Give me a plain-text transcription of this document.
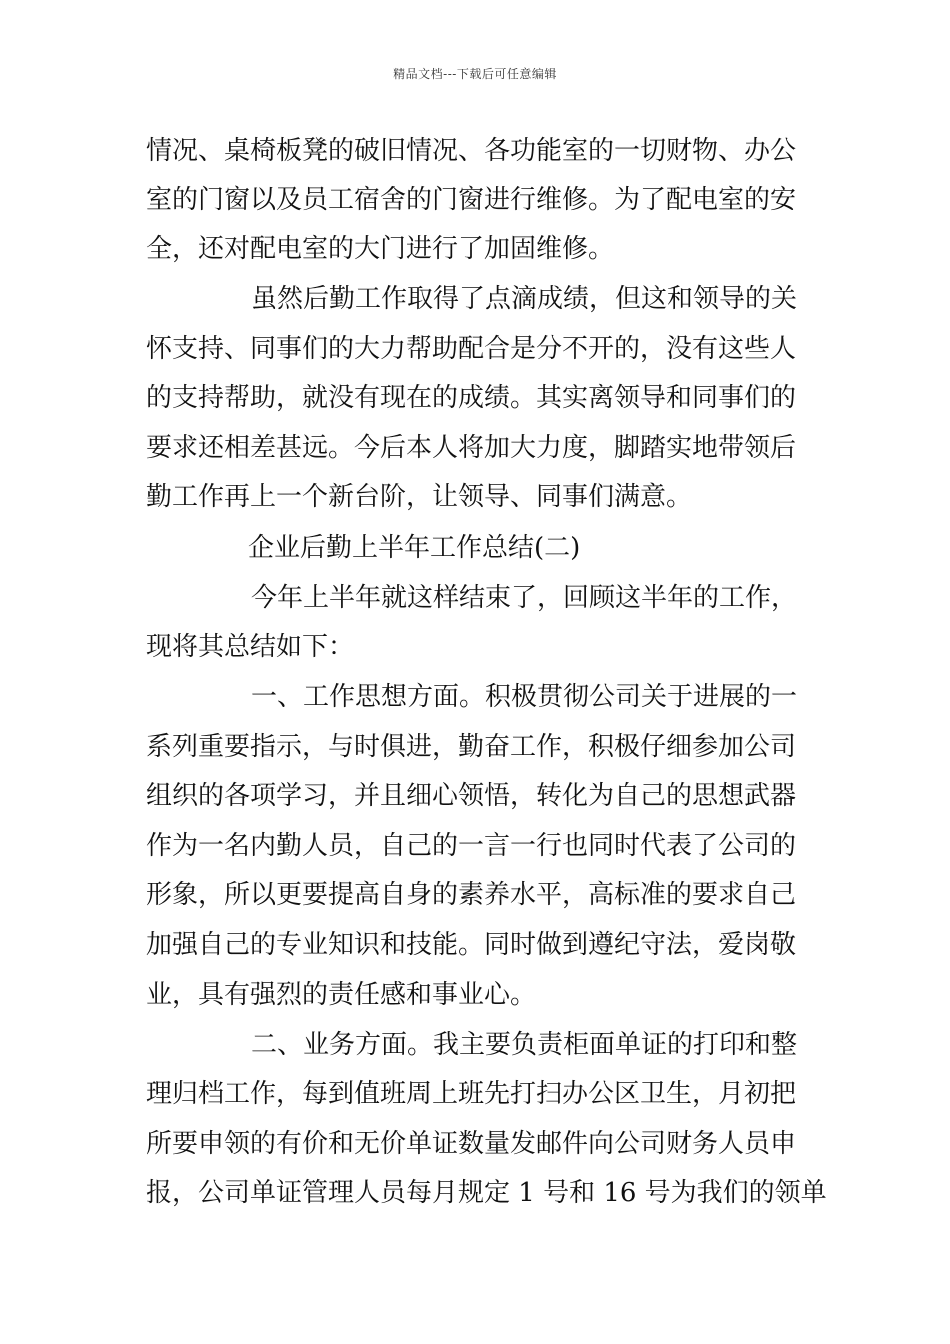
精品文档---下载后可任意编辑
情况、桌椅板凳的破旧情况、各功能室的一切财物、办公
室的门窗以及员工宿舍的门窗进行维修。为了配电室的安
全，还对配电室的大门进行了加固维修。
虽然后勤工作取得了点滴成绩，但这和领导的关
怀支持、同事们的大力帮助配合是分不开的，没有这些人
的支持帮助，就没有现在的成绩。其实离领导和同事们的
要求还相差甚远。今后本人将加大力度，脚踏实地带领后
勤工作再上一个新台阶，让领导、同事们满意。
企业后勤上半年工作总结(二)
今年上半年就这样结束了，回顾这半年的工作，
现将其总结如下：
一、工作思想方面。积极贯彻公司关于进展的一
系列重要指示，与时俱进，勤奋工作，积极仔细参加公司
组织的各项学习，并且细心领悟，转化为自己的思想武器
作为一名内勤人员，自己的一言一行也同时代表了公司的
形象，所以更要提高自身的素养水平，高标准的要求自己
加强自己的专业知识和技能。同时做到遵纪守法，爱岗敬
业，具有强烈的责任感和事业心。
二、业务方面。我主要负责柜面单证的打印和整
理归档工作，每到值班周上班先打扫办公区卫生，月初把
所要申领的有价和无价单证数量发邮件向公司财务人员申
报，公司单证管理人员每月规定 1 号和 16 号为我们的领单
